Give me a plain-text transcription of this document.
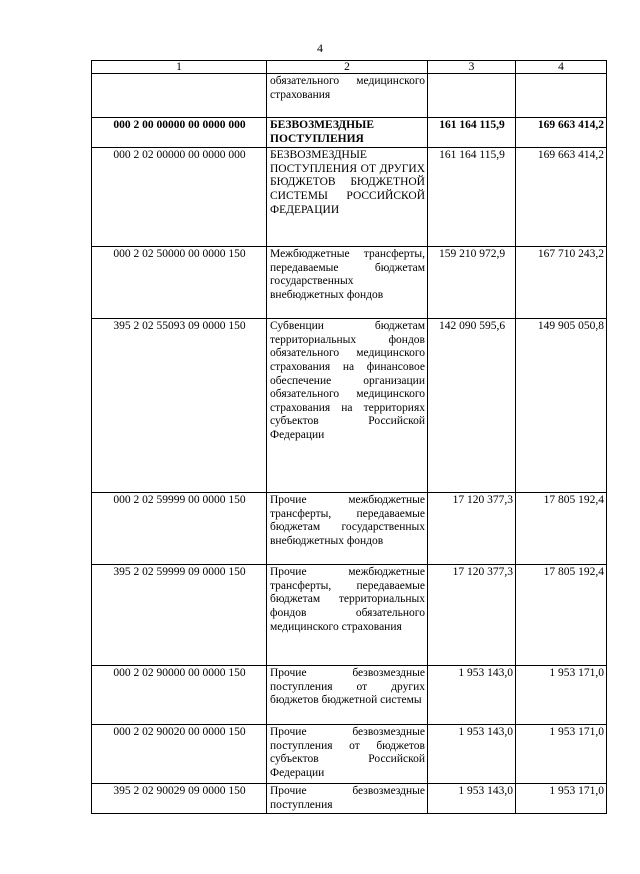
4
1	2	3	4
	обязательного медицинского страхования		
000 2 00 00000 00 0000 000	БЕЗВОЗМЕЗДНЫЕ ПОСТУПЛЕНИЯ	161 164 115,9	169 663 414,2
000 2 02 00000 00 0000 000	БЕЗВОЗМЕЗДНЫЕ ПОСТУПЛЕНИЯ ОТ ДРУГИХ БЮДЖЕТОВ БЮДЖЕТНОЙ СИСТЕМЫ РОССИЙСКОЙ ФЕДЕРАЦИИ	161 164 115,9	169 663 414,2
000 2 02 50000 00 0000 150	Межбюджетные трансферты, передаваемые бюджетам государственных внебюджетных фондов	159 210 972,9	167 710 243,2
395 2 02 55093 09 0000 150	Субвенции бюджетам территориальных фондов обязательного медицинского страхования на финансовое обеспечение организации обязательного медицинского страхования на территориях субъектов Российской Федерации	142 090 595,6	149 905 050,8
000 2 02 59999 00 0000 150	Прочие межбюджетные трансферты, передаваемые бюджетам государственных внебюджетных фондов	17 120 377,3	17 805 192,4
395 2 02 59999 09 0000 150	Прочие межбюджетные трансферты, передаваемые бюджетам территориальных фондов обязательного медицинского страхования	17 120 377,3	17 805 192,4
000 2 02 90000 00 0000 150	Прочие безвозмездные поступления от других бюджетов бюджетной системы	1 953 143,0	1 953 171,0
000 2 02 90020 00 0000 150	Прочие безвозмездные поступления от бюджетов субъектов Российской Федерации	1 953 143,0	1 953 171,0
395 2 02 90029 09 0000 150	Прочие безвозмездные поступления	1 953 143,0	1 953 171,0
